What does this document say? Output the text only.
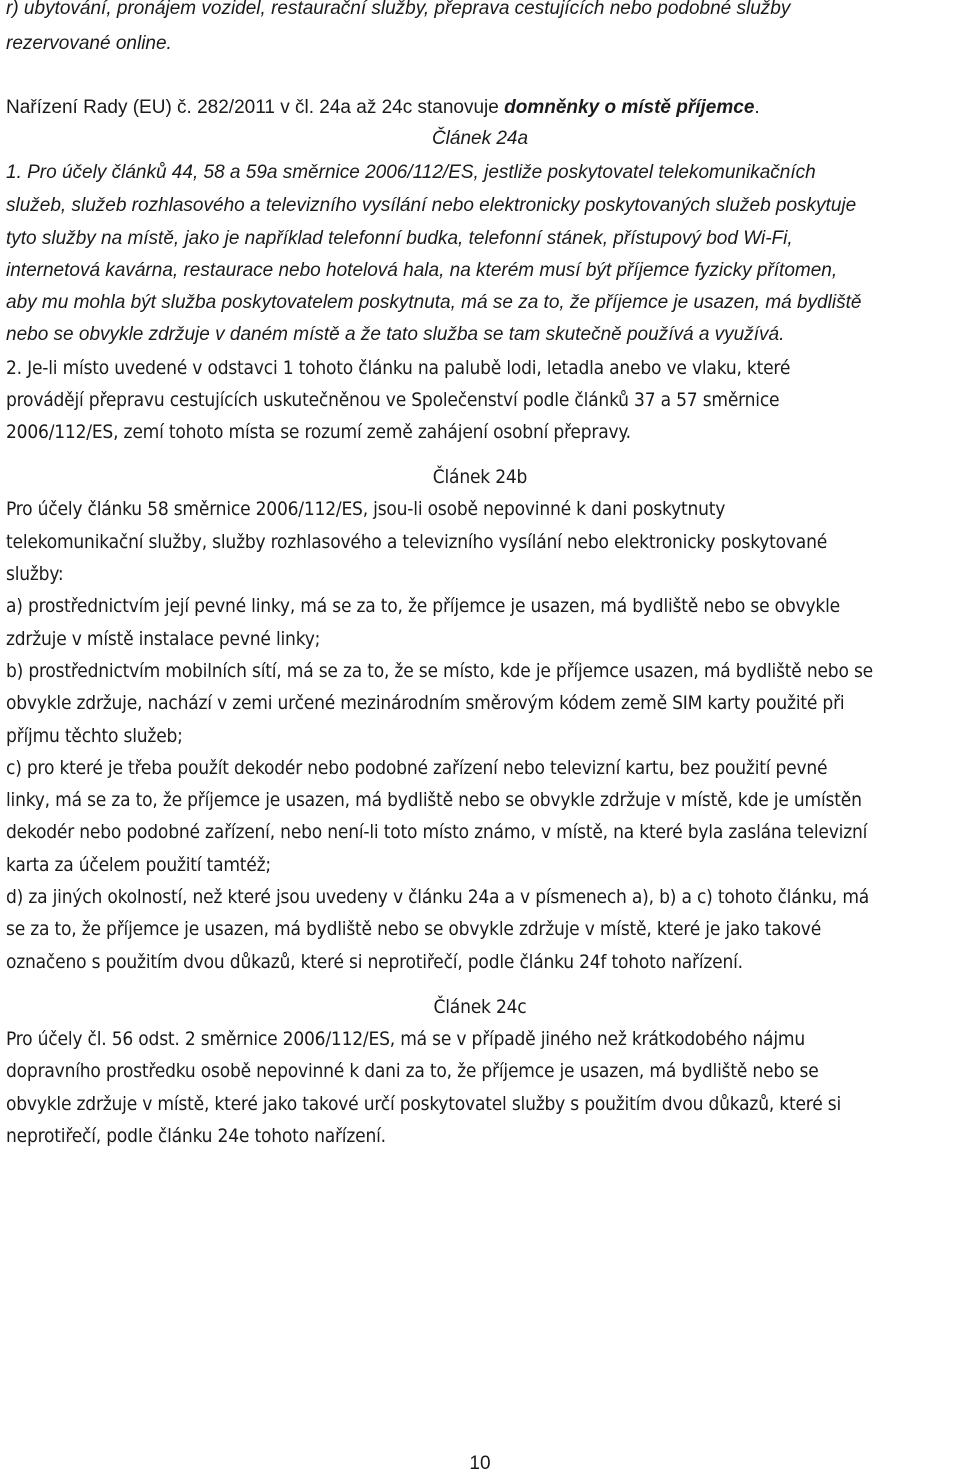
r) ubytování, pronájem vozidel, restaurační služby, přeprava cestujících nebo podobné služby
rezervované online.
Nařízení Rady (EU) č. 282/2011 v čl. 24a až 24c stanovuje domněnky o místě příjemce.
Článek 24a
1. Pro účely článků 44, 58 a 59a směrnice 2006/112/ES, jestliže poskytovatel telekomunikačních
služeb, služeb rozhlasového a televizního vysílání nebo elektronicky poskytovaných služeb poskytuje
tyto služby na místě, jako je například telefonní budka, telefonní stánek, přístupový bod Wi-Fi,
internetová kavárna, restaurace nebo hotelová hala, na kterém musí být příjemce fyzicky přítomen,
aby mu mohla být služba poskytovatelem poskytnuta, má se za to, že příjemce je usazen, má bydliště
nebo se obvykle zdržuje v daném místě a že tato služba se tam skutečně používá a využívá.
2. Je-li místo uvedené v odstavci 1 tohoto článku na palubě lodi, letadla anebo ve vlaku, které
provádějí přepravu cestujících uskutečněnou ve Společenství podle článků 37 a 57 směrnice
2006/112/ES, zemí tohoto místa se rozumí země zahájení osobní přepravy.
Článek 24b
Pro účely článku 58 směrnice 2006/112/ES, jsou-li osobě nepovinné k dani poskytnuty
telekomunikační služby, služby rozhlasového a televizního vysílání nebo elektronicky poskytované
služby:
a) prostřednictvím její pevné linky, má se za to, že příjemce je usazen, má bydliště nebo se obvykle
zdržuje v místě instalace pevné linky;
b) prostřednictvím mobilních sítí, má se za to, že se místo, kde je příjemce usazen, má bydliště nebo se
obvykle zdržuje, nachází v zemi určené mezinárodním směrovým kódem země SIM karty použité při
příjmu těchto služeb;
c) pro které je třeba použít dekodér nebo podobné zařízení nebo televizní kartu, bez použití pevné
linky, má se za to, že příjemce je usazen, má bydliště nebo se obvykle zdržuje v místě, kde je umístěn
dekodér nebo podobné zařízení, nebo není-li toto místo známo, v místě, na které byla zaslána televizní
karta za účelem použití tamtéž;
d) za jiných okolností, než které jsou uvedeny v článku 24a a v písmenech a), b) a c) tohoto článku, má
se za to, že příjemce je usazen, má bydliště nebo se obvykle zdržuje v místě, které je jako takové
označeno s použitím dvou důkazů, které si neprotiřečí, podle článku 24f tohoto nařízení.
Článek 24c
Pro účely čl. 56 odst. 2 směrnice 2006/112/ES, má se v případě jiného než krátkodobého nájmu
dopravního prostředku osobě nepovinné k dani za to, že příjemce je usazen, má bydliště nebo se
obvykle zdržuje v místě, které jako takové určí poskytovatel služby s použitím dvou důkazů, které si
neprotiřečí, podle článku 24e tohoto nařízení.
10
